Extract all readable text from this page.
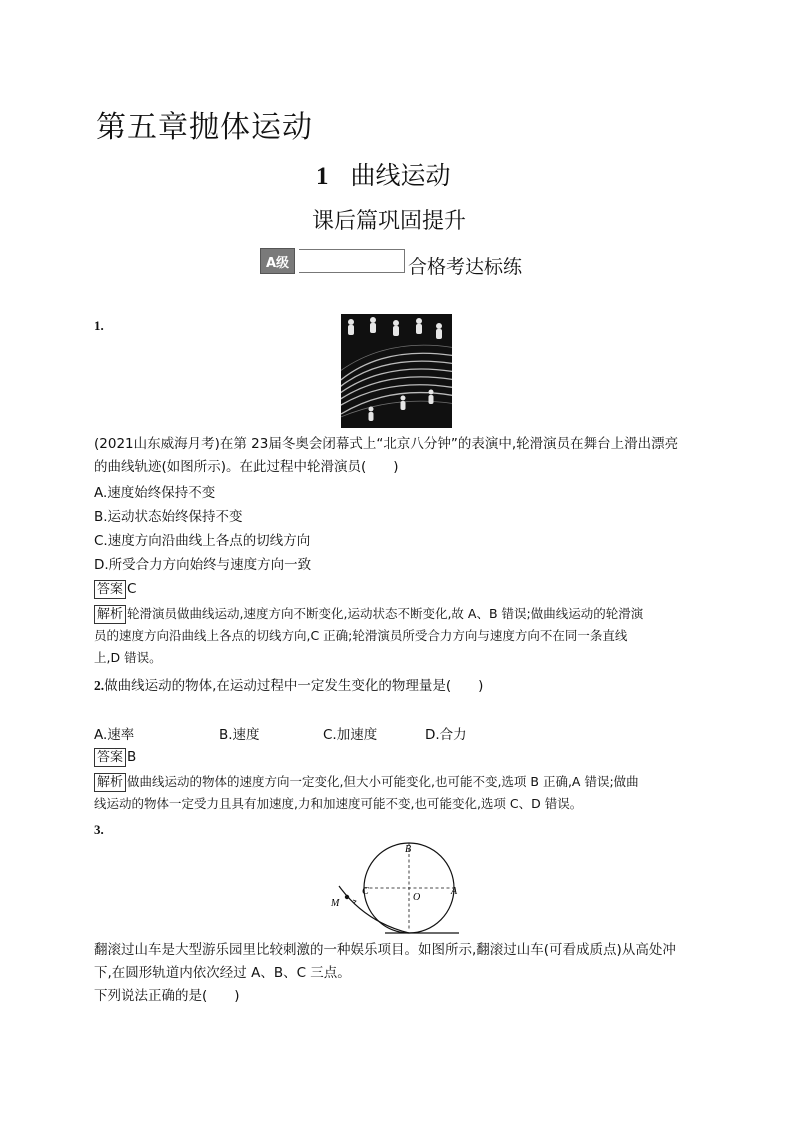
第五章抛体运动
1 曲线运动
课后篇巩固提升
A级	合格考达标练
1.
(2021山东威海月考)在第 23届冬奥会闭幕式上“北京八分钟”的表演中,轮滑演员在舞台上滑出漂亮
的曲线轨迹(如图所示)。在此过程中轮滑演员(　　)
A.速度始终保持不变
B.运动状态始终保持不变
C.速度方向沿曲线上各点的切线方向
D.所受合力方向始终与速度方向一致
答案 C
解析 轮滑演员做曲线运动,速度方向不断变化,运动状态不断变化,故 A、B 错误;做曲线运动的轮滑演
员的速度方向沿曲线上各点的切线方向,C 正确;轮滑演员所受合力方向与速度方向不在同一条直线
上,D 错误。
2.做曲线运动的物体,在运动过程中一定发生变化的物理量是(　　)
A.速率	B.速度	C.加速度	D.合力
答案 B
解析 做曲线运动的物体的速度方向一定变化,但大小可能变化,也可能不变,选项 B 正确,A 错误;做曲
线运动的物体一定受力且具有加速度,力和加速度可能不变,也可能变化,选项 C、D 错误。
3.
B
A
C
O
M
翻滚过山车是大型游乐园里比较刺激的一种娱乐项目。如图所示,翻滚过山车(可看成质点)从高处冲
下,在圆形轨道内依次经过 A、B、C 三点。
下列说法正确的是(　　)
